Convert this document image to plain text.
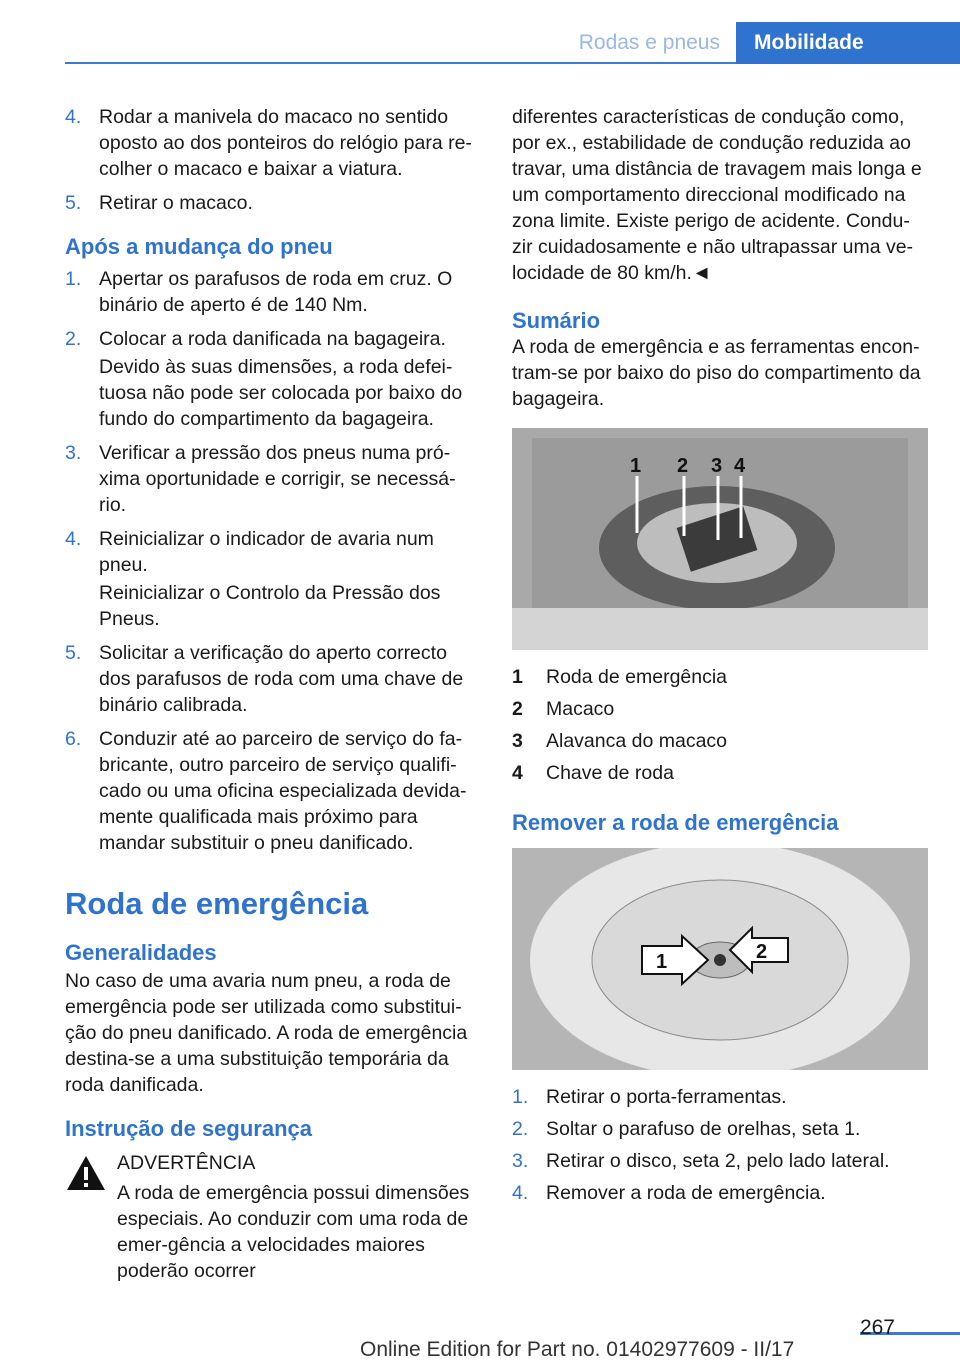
Rodas e pneus Mobilidade
4. Rodar a manivela do macaco no sentido oposto ao dos ponteiros do relógio para re-colher o macaco e baixar a viatura.
5. Retirar o macaco.
Após a mudança do pneu
1. Apertar os parafusos de roda em cruz. O binário de aperto é de 140 Nm.
2. Colocar a roda danificada na bagageira.
Devido às suas dimensões, a roda defei-tuosa não pode ser colocada por baixo do fundo do compartimento da bagageira.
3. Verificar a pressão dos pneus numa pró-xima oportunidade e corrigir, se necessá-rio.
4. Reinicializar o indicador de avaria num pneu.
Reinicializar o Controlo da Pressão dos Pneus.
5. Solicitar a verificação do aperto correcto dos parafusos de roda com uma chave de binário calibrada.
6. Conduzir até ao parceiro de serviço do fa-bricante, outro parceiro de serviço qualifi-cado ou uma oficina especializada devida-mente qualificada mais próximo para mandar substituir o pneu danificado.
Roda de emergência
Generalidades

No caso de uma avaria num pneu, a roda de emergência pode ser utilizada como substitui-ção do pneu danificado. A roda de emergência destina-se a uma substituição temporária da roda danificada.

Instrução de segurança

ADVERTÊNCIA

A roda de emergência possui dimensões especiais. Ao conduzir com uma roda de emer-gência a velocidades maiores poderão ocorrer

diferentes características de condução como, por ex., estabilidade de condução reduzida ao travar, uma distância de travagem mais longa e um comportamento direccional modificado na zona limite. Existe perigo de acidente. Condu-zir cuidadosamente e não ultrapassar uma ve-locidade de 80 km/h.◄

Sumário

A roda de emergência e as ferramentas encon-tram-se por baixo do piso do compartimento da bagageira.

1 2 3 4
1	Roda de emergência
2	Macaco
3	Alavanca do macaco
4	Chave de roda
Remover a roda de emergência
1	2
1. Retirar o porta-ferramentas.
2. Soltar o parafuso de orelhas, seta 1.
3. Retirar o disco, seta 2, pelo lado lateral.
4. Remover a roda de emergência.
267
Online Edition for Part no. 01402977609 - II/17
